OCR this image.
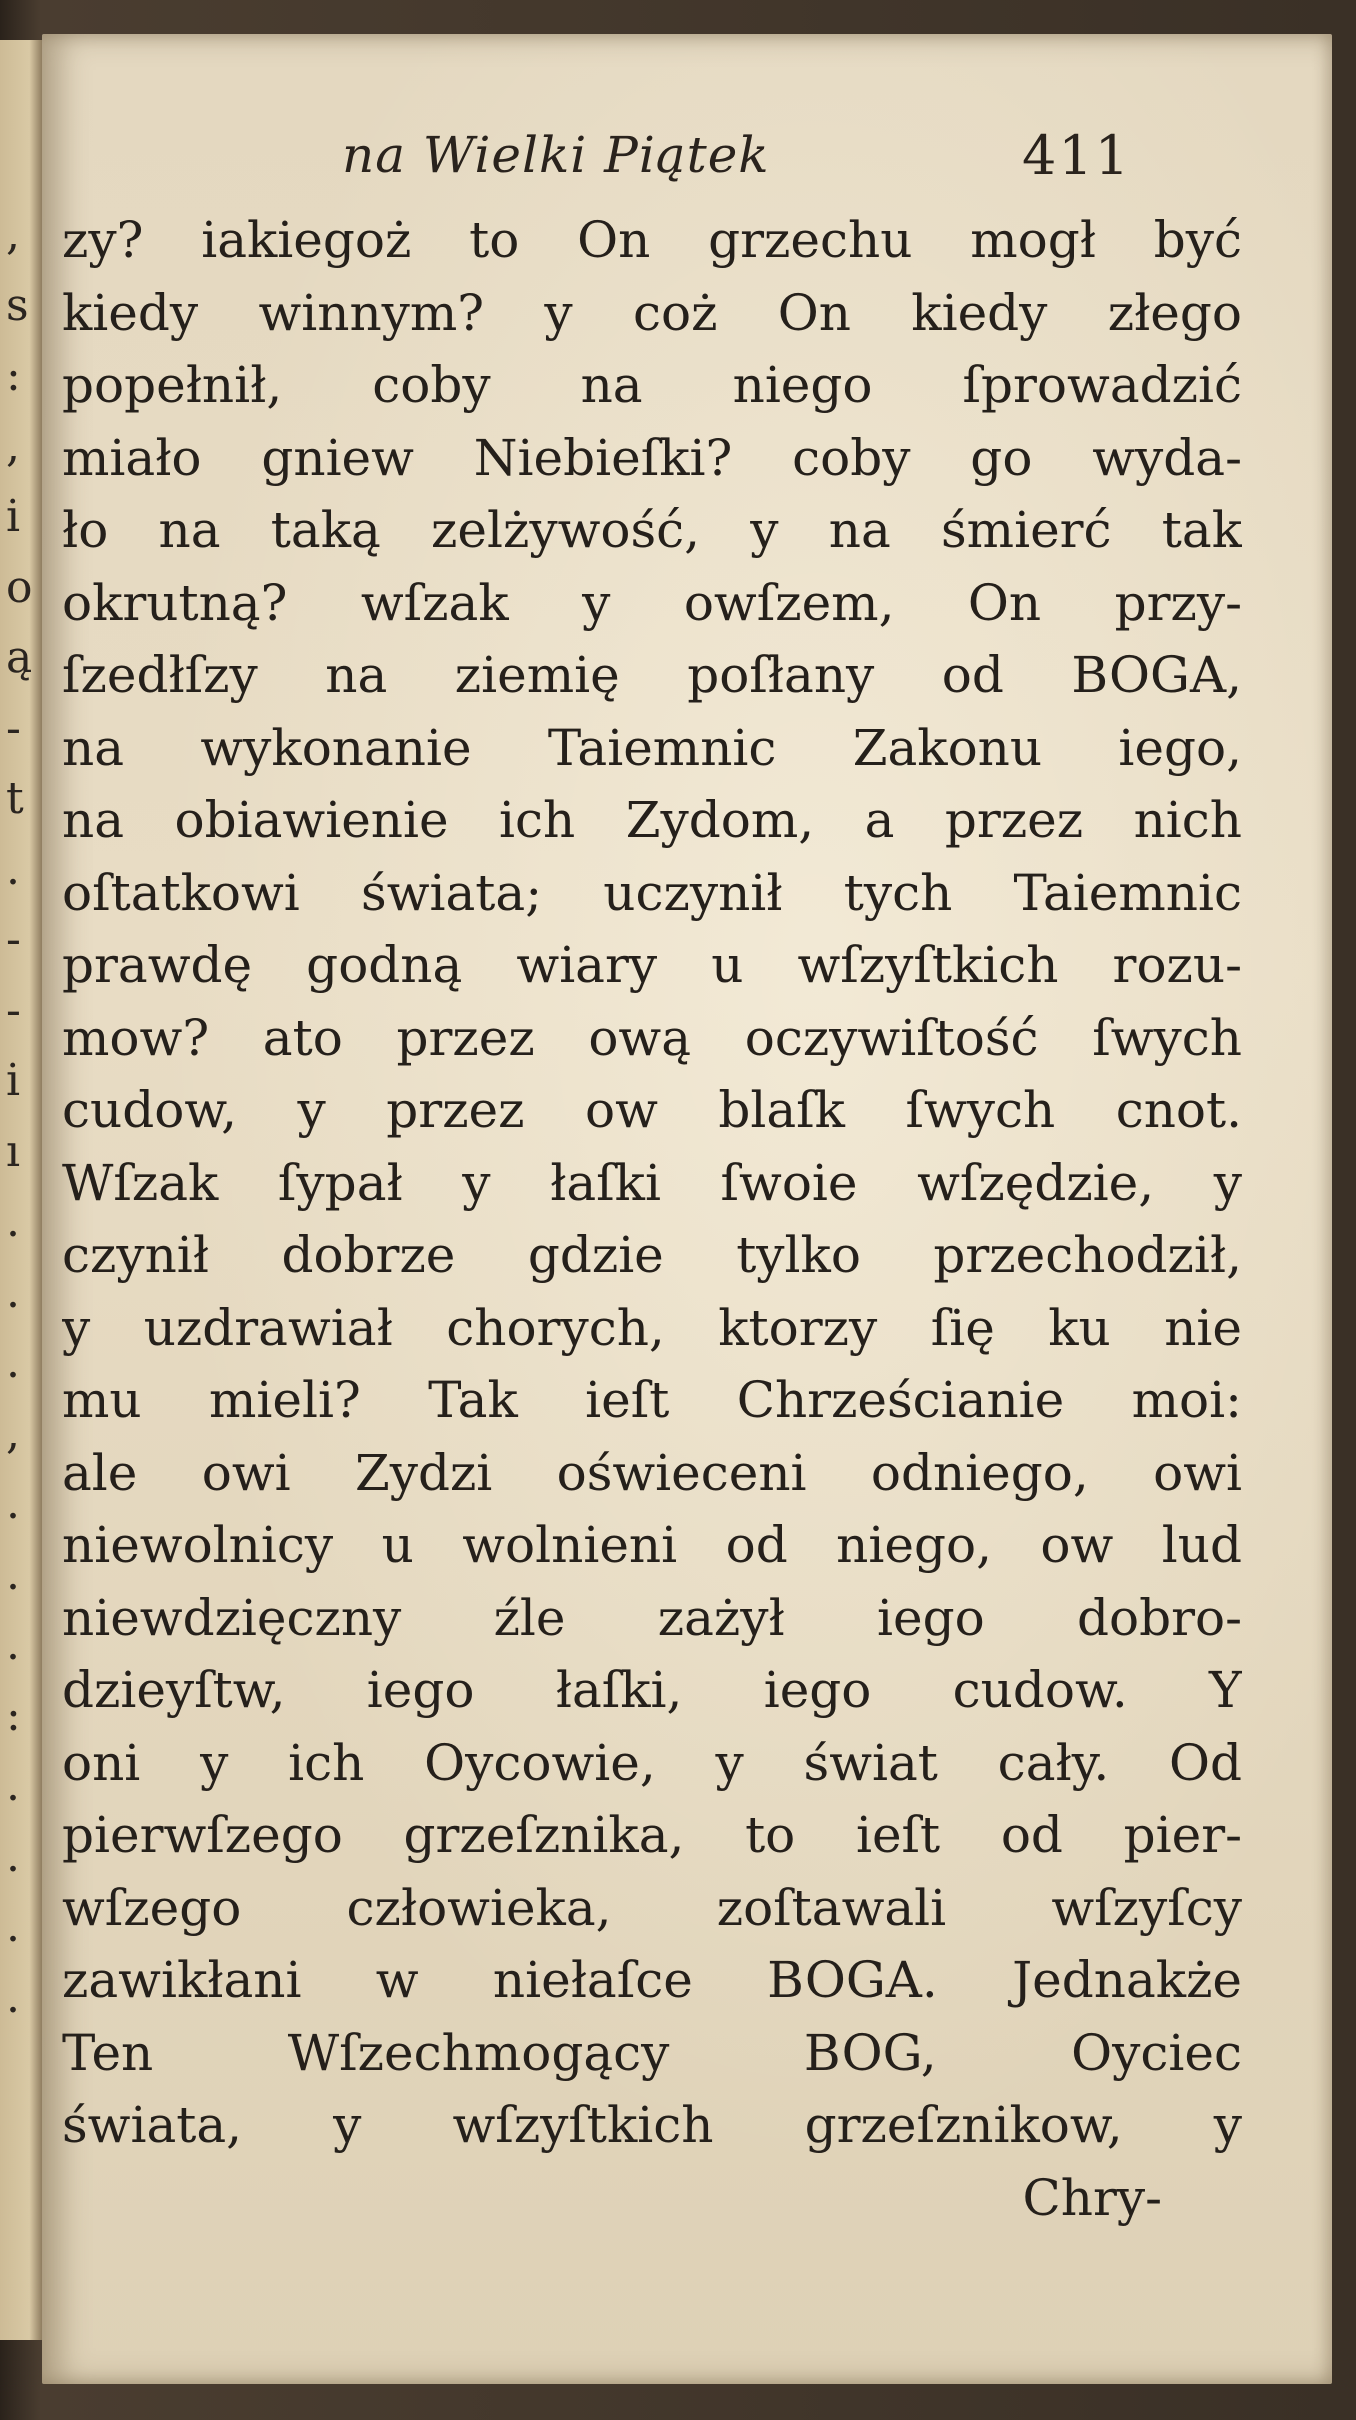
,
s
:
,
i
o
ą
-
t
.
-
-
i
ı
.
.
.
,
.
.
.
:
.
.
.
.
na Wielki Piątek	411
zy? iakiegoż to On grzechu mogł być
kiedy winnym? y coż On kiedy złego
popełnił, coby na niego ſprowadzić
miało gniew Niebieſki? coby go wyda-
ło na taką zelżywość, y na śmierć tak
okrutną? wſzak y owſzem, On przy-
ſzedłſzy na ziemię poſłany od BOGA,
na wykonanie Taiemnic Zakonu iego,
na obiawienie ich Zydom, a przez nich
oſtatkowi świata; uczynił tych Taiemnic
prawdę godną wiary u wſzyſtkich rozu-
mow? ato przez ową oczywiſtość ſwych
cudow, y przez ow blaſk ſwych cnot.
Wſzak ſypał y łaſki ſwoie wſzędzie, y
czynił dobrze gdzie tylko przechodził,
y uzdrawiał chorych, ktorzy ſię ku nie
mu mieli? Tak ieſt Chrześcianie moi:
ale owi Zydzi oświeceni odniego, owi
niewolnicy u wolnieni od niego, ow lud
niewdzięczny źle zażył iego dobro-
dzieyſtw, iego łaſki, iego cudow. Y
oni y ich Oycowie, y świat cały. Od
pierwſzego grzeſznika, to ieſt od pier-
wſzego człowieka, zoſtawali wſzyſcy
zawikłani w niełaſce BOGA. Jednakże
Ten Wſzechmogący BOG, Oyciec
świata, y wſzyſtkich grzeſznikow, y
Chry-
